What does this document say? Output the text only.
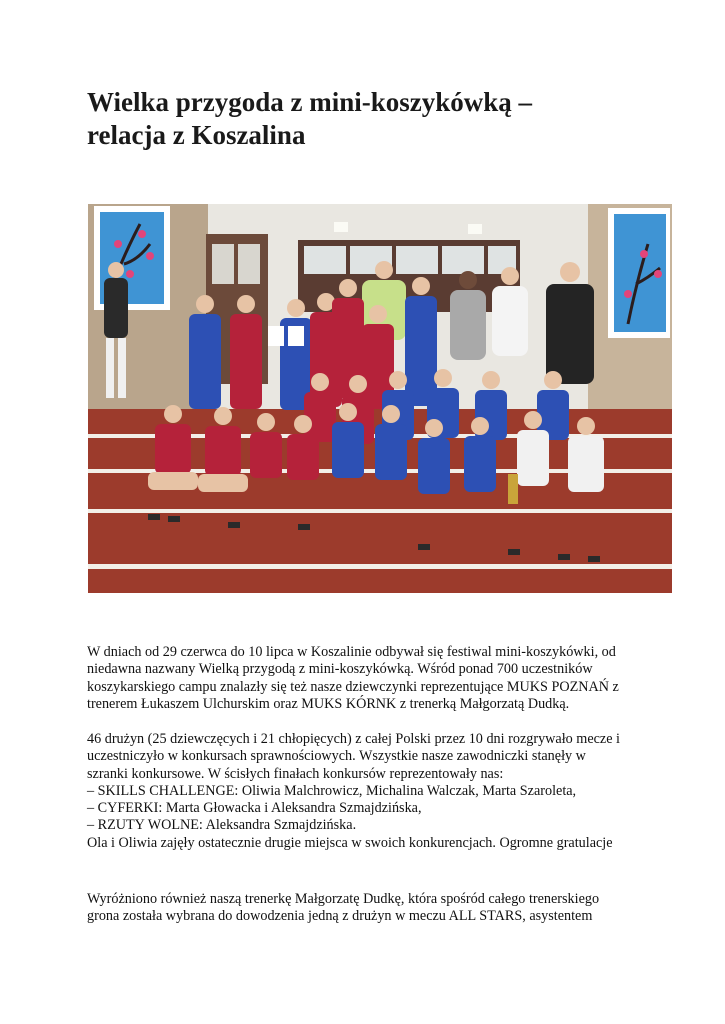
Wielka przygoda z mini-koszykówką –
relacja z Koszalina

W dniach od 29 czerwca do 10 lipca w Koszalinie odbywał się festiwal mini-koszykówki, od

niedawna nazwany Wielką przygodą z mini-koszykówką. Wśród ponad 700 uczestników

koszykarskiego campu znalazły się też nasze dziewczynki reprezentujące MUKS POZNAŃ z

trenerem Łukaszem Ulchurskim oraz MUKS KÓRNK z trenerką Małgorzatą Dudką.

46 drużyn (25 dziewczęcych i 21 chłopięcych) z całej Polski przez 10 dni rozgrywało mecze i

uczestniczyło w konkursach sprawnościowych. Wszystkie nasze zawodniczki stanęły w

szranki konkursowe. W ścisłych finałach konkursów reprezentowały nas:

– SKILLS CHALLENGE: Oliwia Malchrowicz, Michalina Walczak, Marta Szaroleta,

– CYFERKI: Marta Głowacka i Aleksandra Szmajdzińska,

– RZUTY WOLNE: Aleksandra Szmajdzińska.

Ola i Oliwia zajęły ostatecznie drugie miejsca w swoich konkurencjach. Ogromne gratulacje

Wyróżniono również naszą trenerkę Małgorzatę Dudkę, która spośród całego trenerskiego

grona została wybrana do dowodzenia jedną z drużyn w meczu ALL STARS, asystentem
